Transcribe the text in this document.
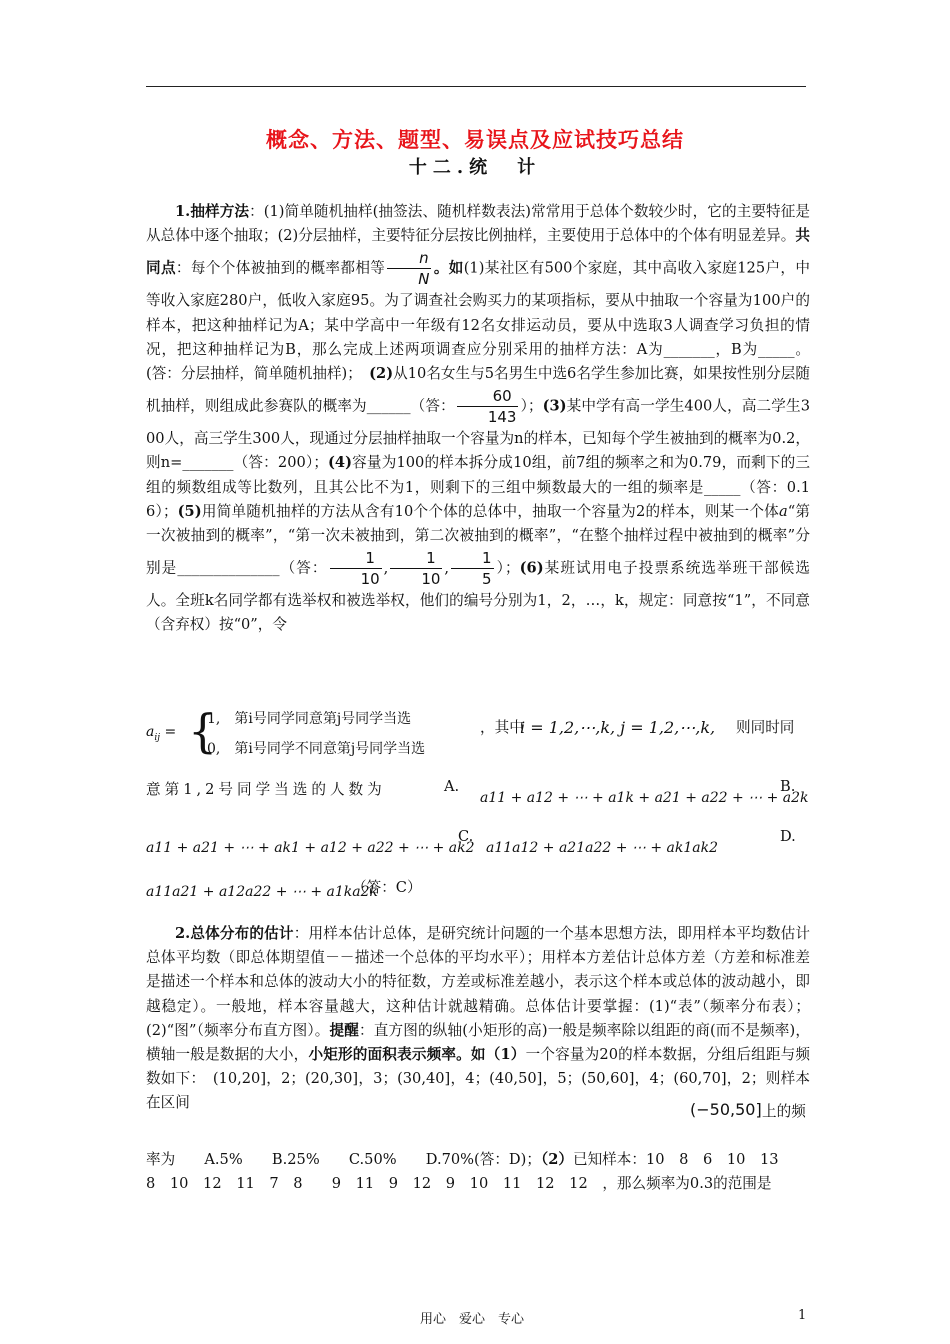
概念、方法、题型、易误点及应试技巧总结
十二.统　计
1.抽样方法：(1)简单随机抽样(抽签法、随机样数表法)常常用于总体个数较少时，它的主要特征是从总体中逐个抽取；(2)分层抽样，主要特征分层按比例抽样，主要使用于总体中的个体有明显差异。共同点：每个个体被抽到的概率都相等 $\frac{n}{N}$ 。如(1)某社区有500个家庭，其中高收入家庭125户，中等收入家庭280户，低收入家庭95。为了调查社会购买力的某项指标，要从中抽取一个容量为100户的样本，把这种抽样记为A；某中学高中一年级有12名女排运动员，要从中选取3人调查学习负担的情况，把这种抽样记为B，那么完成上述两项调查应分别采用的抽样方法：A为_______，B为_____。(答：分层抽样，简单随机抽样)；　(2)从10名女生与5名男生中选6名学生参加比赛，如果按性别分层随机抽样，则组成此参赛队的概率为______（答： $\frac{60}{143}$ ）；(3)某中学有高一学生400人，高二学生300人，高三学生300人，现通过分层抽样抽取一个容量为n的样本，已知每个学生被抽到的概率为0.2，则n=_______（答：200）；(4)容量为100的样本拆分成10组，前7组的频率之和为0.79，而剩下的三组的频数组成等比数列，且其公比不为1，则剩下的三组中频数最大的一组的频率是_____（答：0.16）；(5)用简单随机抽样的方法从含有10个个体的总体中，抽取一个容量为2的样本，则某一个体a“第一次被抽到的概率”，“第一次未被抽到，第二次被抽到的概率”，“在整个抽样过程中被抽到的概率”分别是______________（答： $\frac{1}{10}$ , $\frac{1}{10}$ , $\frac{1}{5}$ ）；(6)某班试用电子投票系统选举班干部候选人。全班k名同学都有选举权和被选举权，他们的编号分别为1，2，…，k，规定：同意按“1”，不同意（含弃权）按“0”，令
$a_{ij}$ = {
1,　第i号同学同意第j号同学当选
0,　第i号同学不同意第j号同学当选
，其中
i = 1,2,⋯,k, j = 1,2,⋯,k, 则同时同
意第1,2号同学当选的人数为	A.
a11 + a12 + ⋯ + a1k + a21 + a22 + ⋯ + a2k
B.
a11 + a21 + ⋯ + ak1 + a12 + a22 + ⋯ + ak2
C.
a11a12 + a21a22 + ⋯ + ak1ak2
D.
a11a21 + a12a22 + ⋯ + a1ka2k
（答：C）
2.总体分布的估计：用样本估计总体，是研究统计问题的一个基本思想方法，即用样本平均数估计总体平均数（即总体期望值－－描述一个总体的平均水平）；用样本方差估计总体方差（方差和标准差是描述一个样本和总体的波动大小的特征数，方差或标准差越小，表示这个样本或总体的波动越小，即越稳定）。一般地，样本容量越大，这种估计就越精确。总体估计要掌握：(1)“表”（频率分布表）；(2)“图”（频率分布直方图）。提醒：直方图的纵轴(小矩形的高)一般是频率除以组距的商(而不是频率)，横轴一般是数据的大小，小矩形的面积表示频率。如（1）一个容量为20的样本数据，分组后组距与频数如下：　(10,20]，2；(20,30]，3；(30,40]，4；(40,50]，5；(50,60]，4；(60,70]，2；则样本在区间	(−50,50] 上的频
率为　　A.5%　　B.25%　　C.50%　　D.70%(答：D)；（2）已知样本：10　8　6　10　13
8　10　12　11　7　8　　9　11　9　12　9　10　11　12　12　，那么频率为0.3的范围是
用心　爱心　专心	1
